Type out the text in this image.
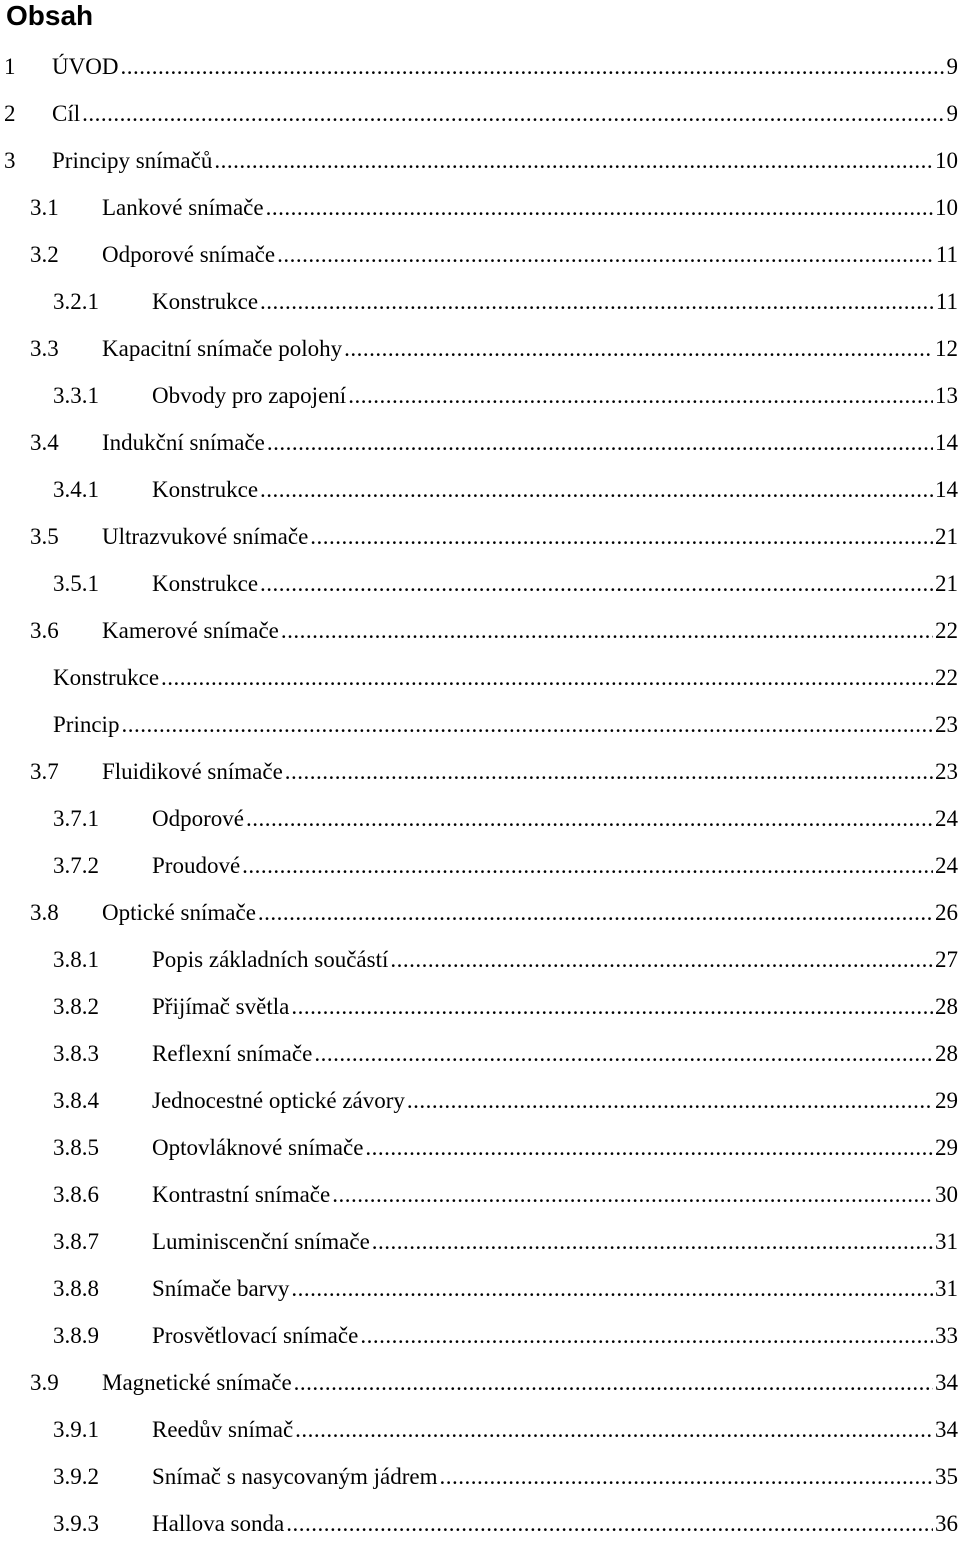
Obsah
1	ÚVOD .....	9
2	Cíl .....	9
3	Principy snímačů .....	10
3.1	Lankové snímače .....	10
3.2	Odporové snímače .....	11
3.2.1	Konstrukce .....	11
3.3	Kapacitní snímače polohy .....	12
3.3.1	Obvody pro zapojení .....	13
3.4	Indukční snímače .....	14
3.4.1	Konstrukce .....	14
3.5	Ultrazvukové snímače .....	21
3.5.1	Konstrukce .....	21
3.6	Kamerové snímače .....	22
Konstrukce .....	22
Princip .....	23
3.7	Fluidikové snímače .....	23
3.7.1	Odporové .....	24
3.7.2	Proudové .....	24
3.8	Optické snímače .....	26
3.8.1	Popis základních součástí .....	27
3.8.2	Přijímač světla .....	28
3.8.3	Reflexní snímače .....	28
3.8.4	Jednocestné optické závory .....	29
3.8.5	Optovláknové snímače .....	29
3.8.6	Kontrastní snímače .....	30
3.8.7	Luminiscenční snímače .....	31
3.8.8	Snímače barvy .....	31
3.8.9	Prosvětlovací snímače .....	33
3.9	Magnetické snímače .....	34
3.9.1	Reedův snímač .....	34
3.9.2	Snímač s nasycovaným jádrem .....	35
3.9.3	Hallova sonda .....	36
